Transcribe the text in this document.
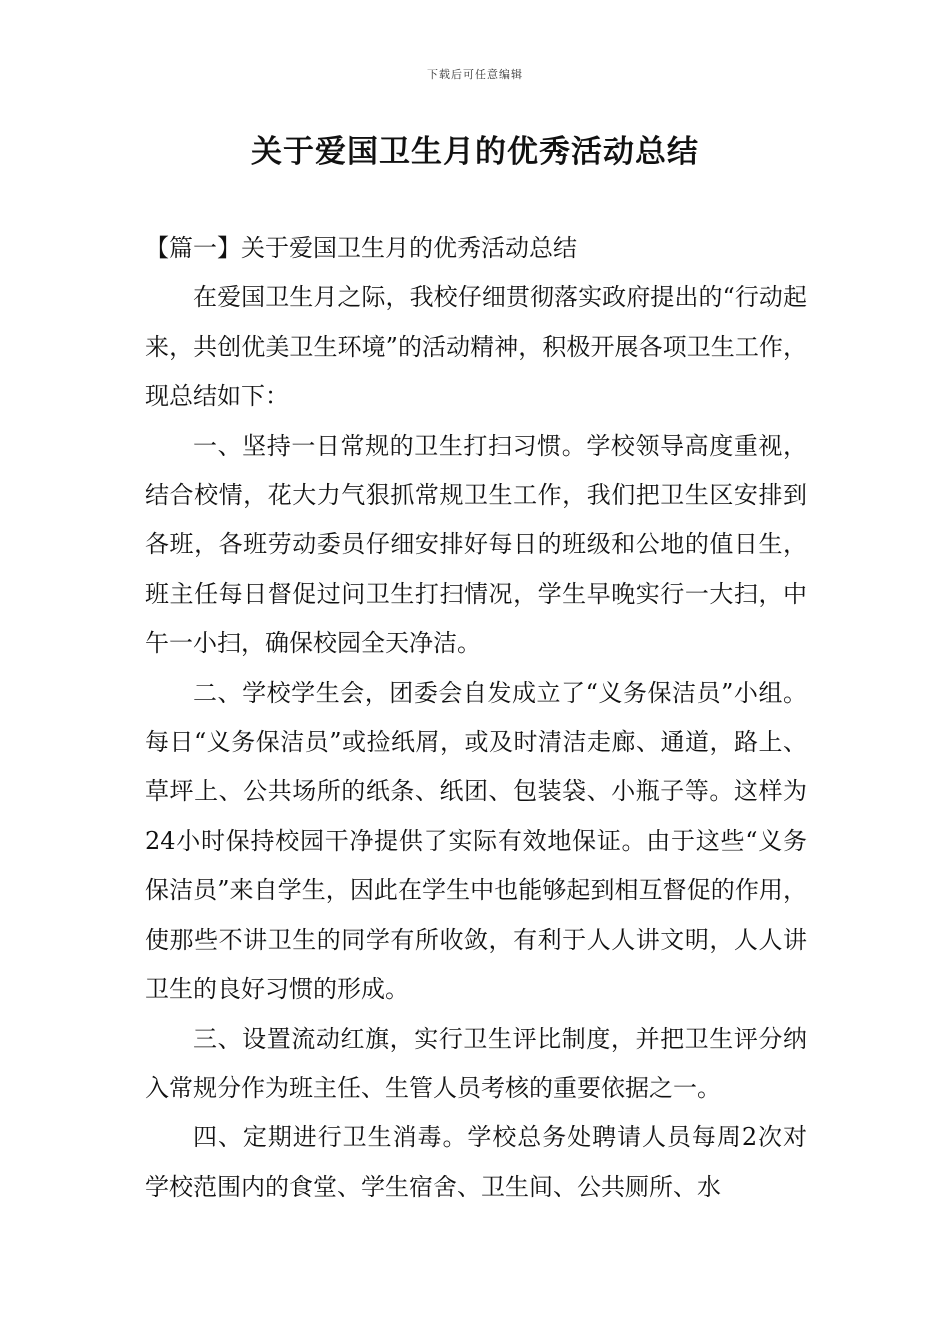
下载后可任意编辑
关于爱国卫生月的优秀活动总结

【篇一】关于爱国卫生月的优秀活动总结

在爱国卫生月之际，我校仔细贯彻落实政府提出的“行动起来，共创优美卫生环境”的活动精神，积极开展各项卫生工作，现总结如下：

一、坚持一日常规的卫生打扫习惯。学校领导高度重视，结合校情，花大力气狠抓常规卫生工作，我们把卫生区安排到各班，各班劳动委员仔细安排好每日的班级和公地的值日生，班主任每日督促过问卫生打扫情况，学生早晚实行一大扫，中午一小扫，确保校园全天净洁。

二、学校学生会，团委会自发成立了“义务保洁员”小组。每日“义务保洁员”或捡纸屑，或及时清洁走廊、通道，路上、草坪上、公共场所的纸条、纸团、包装袋、小瓶子等。这样为24小时保持校园干净提供了实际有效地保证。由于这些“义务保洁员”来自学生，因此在学生中也能够起到相互督促的作用，使那些不讲卫生的同学有所收敛，有利于人人讲文明，人人讲卫生的良好习惯的形成。

三、设置流动红旗，实行卫生评比制度，并把卫生评分纳入常规分作为班主任、生管人员考核的重要依据之一。

四、定期进行卫生消毒。学校总务处聘请人员每周2次对学校范围内的食堂、学生宿舍、卫生间、公共厕所、水
